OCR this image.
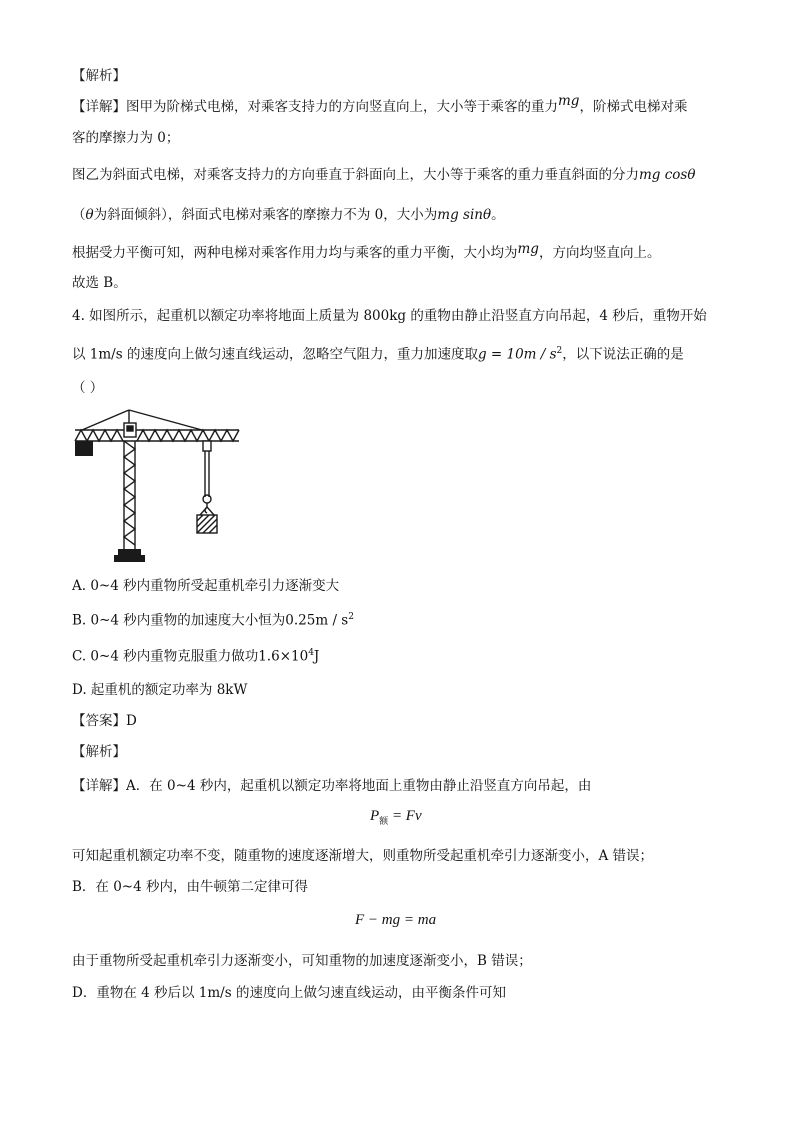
【解析】
【详解】图甲为阶梯式电梯，对乘客支持力的方向竖直向上，大小等于乘客的重力mg，阶梯式电梯对乘
客的摩擦力为 0；
图乙为斜面式电梯，对乘客支持力的方向垂直于斜面向上，大小等于乘客的重力垂直斜面的分力mg cosθ
（θ为斜面倾斜），斜面式电梯对乘客的摩擦力不为 0，大小为mg sinθ。
根据受力平衡可知，两种电梯对乘客作用力均与乘客的重力平衡，大小均为mg，方向均竖直向上。
故选 B。
4. 如图所示，起重机以额定功率将地面上质量为 800kg 的重物由静止沿竖直方向吊起，4 秒后，重物开始
以 1m/s 的速度向上做匀速直线运动，忽略空气阻力，重力加速度取$g = 10m / s^2$，以下说法正确的是
（ ）
A. 0~4 秒内重物所受起重机牵引力逐渐变大
B. 0~4 秒内重物的加速度大小恒为$0.25m / s^2$
C. 0~4 秒内重物克服重力做功$1.6\times 10^4J$
D. 起重机的额定功率为 8kW
【答案】D
【解析】
【详解】A．在 0~4 秒内，起重机以额定功率将地面上重物由静止沿竖直方向吊起，由
$P_额 = Fv$
可知起重机额定功率不变，随重物的速度逐渐增大，则重物所受起重机牵引力逐渐变小，A 错误；
B．在 0~4 秒内，由牛顿第二定律可得
F − mg = ma
由于重物所受起重机牵引力逐渐变小，可知重物的加速度逐渐变小，B 错误；
D．重物在 4 秒后以 1m/s 的速度向上做匀速直线运动，由平衡条件可知
